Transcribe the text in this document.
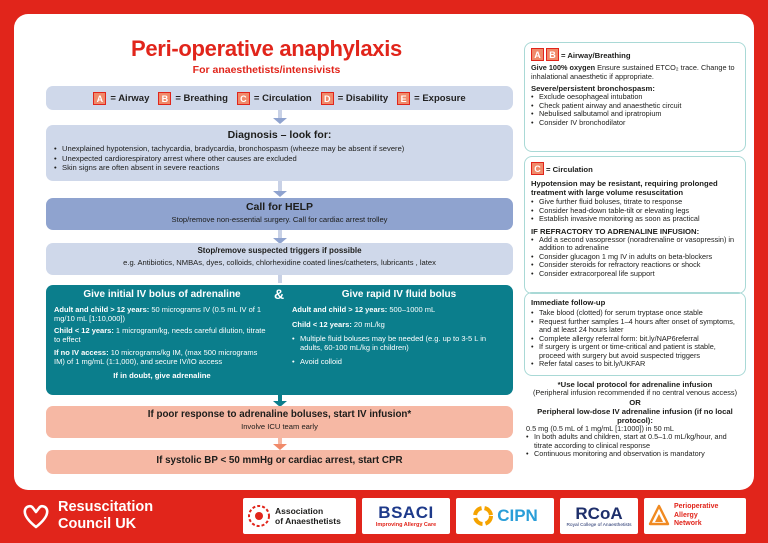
Peri-operative anaphylaxis
For anaesthetists/intensivists
A = Airway	B = Breathing	C = Circulation	D = Disability	E = Exposure
Diagnosis – look for:
• Unexplained hypotension, tachycardia, bradycardia, bronchospasm (wheeze may be absent if severe)
• Unexpected cardiorespiratory arrest where other causes are excluded
• Skin signs are often absent in severe reactions
Call for HELP
Stop/remove non-essential surgery. Call for cardiac arrest trolley
Stop/remove suspected triggers if possible
e.g. Antibiotics, NMBAs, dyes, colloids, chlorhexidine coated lines/catheters, lubricants , latex
Give initial IV bolus of adrenaline
Adult and child > 12 years: 50 micrograms IV (0.5 mL IV of 1 mg/10 mL [1:10,000])
Child < 12 years: 1 microgram/kg, needs careful dilution, titrate to effect
If no IV access: 10 micrograms/kg IM, (max 500 micrograms IM) of 1 mg/mL (1:1,000), and secure IV/IO access
If in doubt, give adrenaline
&	Give rapid IV fluid bolus
Adult and child > 12 years: 500–1000 mL
Child < 12 years: 20 mL/kg
• Multiple fluid boluses may be needed (e.g. up to 3-5 L in adults, 60-100 mL/kg in children)
• Avoid colloid
If poor response to adrenaline boluses, start IV infusion*
Involve ICU team early
If systolic BP < 50 mmHg or cardiac arrest, start CPR
A B = Airway/Breathing
Give 100% oxygen Ensure sustained ETCO₂ trace. Change to inhalational anaesthetic if appropriate.
Severe/persistent bronchospasm:
• Exclude oesophageal intubation
• Check patient airway and anaesthetic circuit
• Nebulised salbutamol and ipratropium
• Consider IV bronchodilator
C = Circulation
Hypotension may be resistant, requiring prolonged treatment with large volume resuscitation
• Give further fluid boluses, titrate to response
• Consider head-down table-tilt or elevating legs
• Establish invasive monitoring as soon as practical
IF REFRACTORY TO ADRENALINE INFUSION:
• Add a second vasopressor (noradrenaline or vasopressin) in addition to adrenaline
• Consider glucagon 1 mg IV in adults on beta-blockers
• Consider steroids for refractory reactions or shock
• Consider extracorporeal life support
Immediate follow-up
• Take blood (clotted) for serum tryptase once stable
• Request further samples 1–4 hours after onset of symptoms, and at least 24 hours later
• Complete allergy referral form: bit.ly/NAP6referral
• If surgery is urgent or time-critical and patient is stable, proceed with surgery but avoid suspected triggers
• Refer fatal cases to bit.ly/UKFAR
*Use local protocol for adrenaline infusion
(Peripheral infusion recommended if no central venous access)
OR
Peripheral low-dose IV adrenaline infusion (if no local protocol):
0.5 mg (0.5 mL of 1 mg/mL [1:1000]) in 50 mL
• In both adults and children, start at 0.5–1.0 mL/kg/hour, and titrate according to clinical response
• Continuous monitoring and observation is mandatory
Resuscitation
Council UK
Association
of Anaesthetists BSACI
Improving Allergy Care	CIPN RCoA
Royal College of Anaesthetists
Perioperative
Allergy
Network
